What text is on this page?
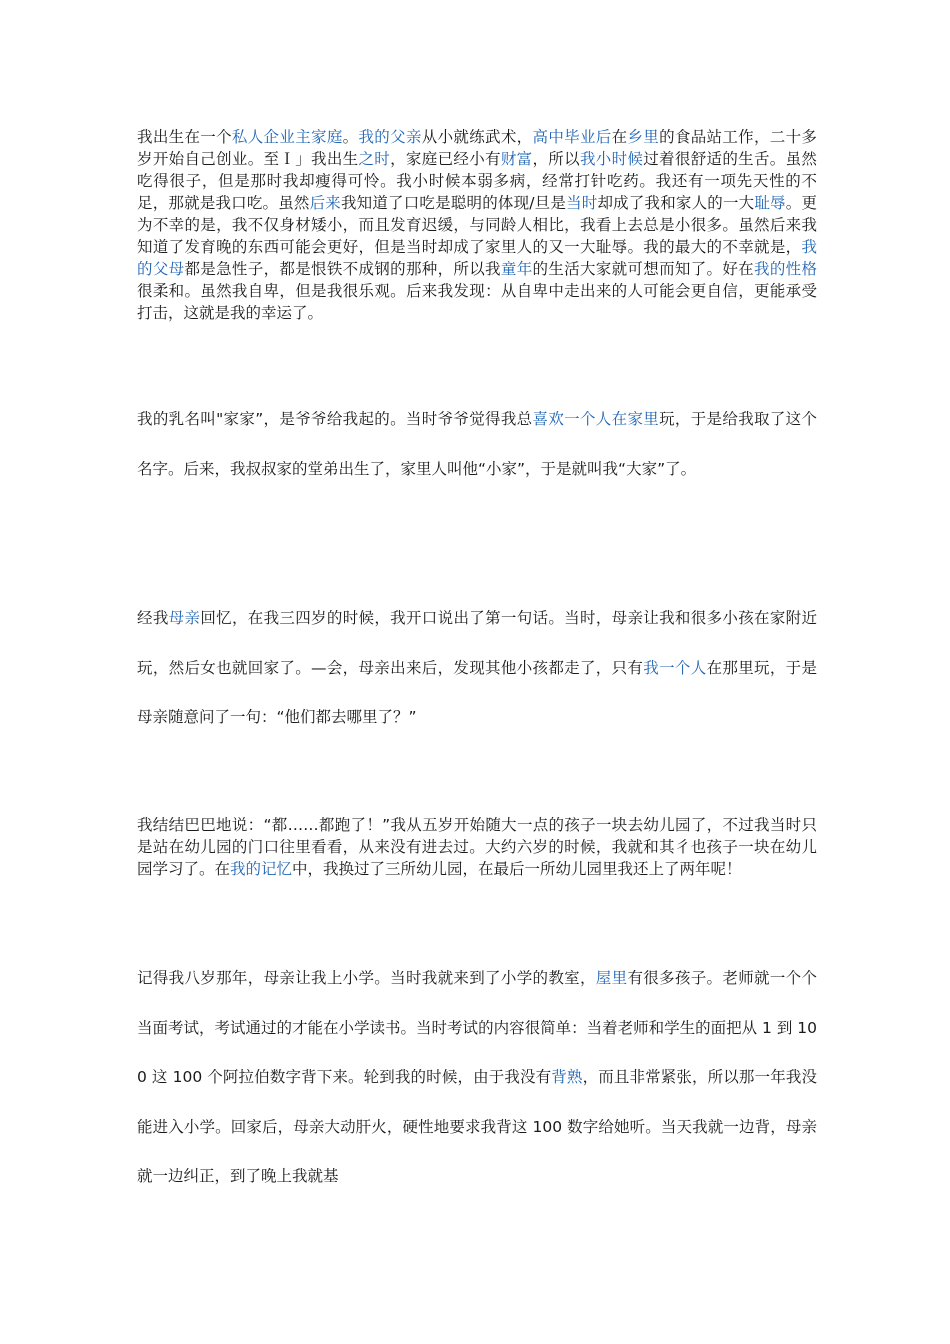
我出生在一个私人企业主家庭。我的父亲从小就练武术，高中毕业后在乡里的食品站工作，二十多岁开始自己创业。至Ｉ」我出生之时，家庭已经小有财富，所以我小时候过着很舒适的生舌。虽然吃得很子，但是那时我却瘦得可怜。我小时候本弱多病，经常打针吃药。我还有一项先天性的不足，那就是我口吃。虽然后来我知道了口吃是聪明的体现/旦是当时却成了我和家人的一大耻辱。更为不幸的是，我不仅身材矮小，而且发育迟缓，与同龄人相比，我看上去总是小很多。虽然后来我知道了发育晚的东西可能会更好，但是当时却成了家里人的又一大耻辱。我的最大的不幸就是，我的父母都是急性子，都是恨铁不成钢的那种，所以我童年的生活大家就可想而知了。好在我的性格很柔和。虽然我自卑，但是我很乐观。后来我发现：从自卑中走出来的人可能会更自信，更能承受打击，这就是我的幸运了。

我的乳名叫"家家”，是爷爷给我起的。当时爷爷觉得我总喜欢一个人在家里玩，于是给我取了这个名字。后来，我叔叔家的堂弟出生了，家里人叫他“小家”，于是就叫我“大家”了。

经我母亲回忆，在我三四岁的时候，我开口说出了第一句话。当时，母亲让我和很多小孩在家附近玩，然后女也就回家了。—会，母亲出来后，发现其他小孩都走了，只有我一个人在那里玩，于是母亲随意问了一句：“他们都去哪里了？”

我结结巴巴地说：“都……都跑了！”我从五岁开始随大一点的孩子一块去幼儿园了，不过我当时只是站在幼儿园的门口往里看看，从来没有进去过。大约六岁的时候，我就和其彳也孩子一块在幼儿园学习了。在我的记忆中，我换过了三所幼儿园，在最后一所幼儿园里我还上了两年呢！

记得我八岁那年，母亲让我上小学。当时我就来到了小学的教室，屋里有很多孩子。老师就一个个当面考试，考试通过的才能在小学读书。当时考试的内容很简单：当着老师和学生的面把从 1 到 100 这 100 个阿拉伯数字背下来。轮到我的时候，由于我没有背熟，而且非常紧张，所以那一年我没能进入小学。回家后，母亲大动肝火，硬性地要求我背这 100 数字给她听。当天我就一边背，母亲就一边纠正，到了晚上我就基
